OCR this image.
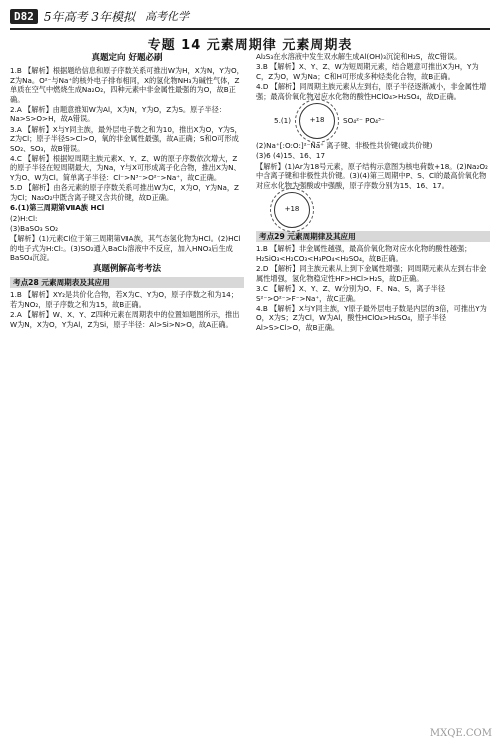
D82 5年高考 3年模拟 高考化学
专题 14 元素周期律 元素周期表
真题定向 好题必刷
1.B 【解析】根据题给信息和原子序数关系可推出W为H，X为N，Y为O，Z为Na。O²⁻与Na⁺的核外电子排布相同，X的氢化物NH₃为碱性气体，Z单质在空气中燃烧生成Na₂O₂，四种元素中非金属性最强的为O，故B正确。
2.A 【解析】由题意推知W为Al，X为N，Y为O，Z为S。原子半径：Na>S>O>H，故A错误。
3.A 【解析】X与Y同主族，最外层电子数之和为10，推出X为O，Y为S，Z为Cl；原子半径S>Cl>O，氧的非金属性最强，故A正确；S和O可形成SO₂、SO₃，故B错误。
4.C 【解析】根据短周期主族元素X、Y、Z、W的原子序数依次增大，Z的原子半径在短周期最大，为Na，Y与X可形成离子化合物，推出X为N、Y为O、W为Cl。简单离子半径：Cl⁻>N³⁻>O²⁻>Na⁺，故C正确。
5.D 【解析】由各元素的原子序数关系可推出W为C，X为O，Y为Na，Z为Cl；Na₂O₂中既含离子键又含共价键，故D正确。
6.(1)第三周期第ⅦA族 HCl
(2)H:Cl:
(3)BaSO₃ SO₂
【解析】(1)元素Cl位于第三周期第ⅦA族，其气态氢化物为HCl。(2)HCl的电子式为H:Cl:。(3)SO₂通入BaCl₂溶液中不反应，加入HNO₃后生成BaSO₄沉淀。
真题例解高考考法
考点28 元素周期表及其应用
1.B 【解析】XY₂是共价化合物，若X为C、Y为O，原子序数之和为14；若为NO₂，原子序数之和为15，故B正确。
2.A 【解析】W、X、Y、Z四种元素在周期表中的位置如题图所示，推出W为N，X为O，Y为Al，Z为Si，原子半径：Al>Si>N>O，故A正确。
Al₂S₃在水溶液中发生双水解生成Al(OH)₃沉淀和H₂S，故C错误。
3.B 【解析】X、Y、Z、W为短周期元素，结合题意可推出X为H，Y为C，Z为O，W为Na；C和H可形成多种烃类化合物，故B正确。
4.D 【解析】同周期主族元素从左到右，原子半径逐渐减小，非金属性增强；最高价氧化物对应水化物的酸性HClO₄>H₂SO₄，故D正确。
5.(1)	+18	SO₄²⁻ PO₄³⁻
(2)Na⁺[:O:O:]²⁻Na⁺ 离子键、非极性共价键(或共价键)
(3)6 (4)15、16、17
【解析】(1)Ar为18号元素，原子结构示意图为核电荷数+18。(2)Na₂O₂中含离子键和非极性共价键。(3)(4)第三周期中P、S、Cl的最高价氧化物对应水化物为强酸或中强酸，原子序数分别为15、16、17。
+18
考点29 元素周期律及其应用
1.B 【解析】非金属性越强，最高价氧化物对应水化物的酸性越强；H₂SiO₃<H₂CO₃<H₃PO₄<H₂SO₄，故B正确。
2.D 【解析】同主族元素从上到下金属性增强；同周期元素从左到右非金属性增强，氢化物稳定性HF>HCl>H₂S，故D正确。
3.C 【解析】X、Y、Z、W分别为O、F、Na、S，离子半径S²⁻>O²⁻>F⁻>Na⁺，故C正确。
4.B 【解析】X与Y同主族，Y原子最外层电子数是内层的3倍，可推出Y为O，X为S；Z为Cl，W为Al，酸性HClO₄>H₂SO₄，原子半径Al>S>Cl>O，故B正确。
MXQE.COM
